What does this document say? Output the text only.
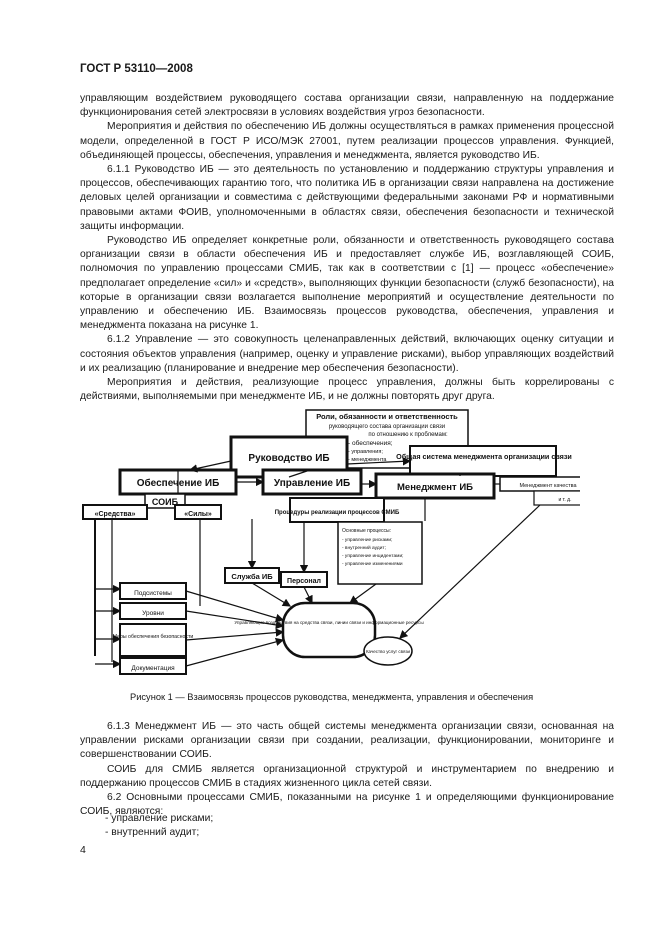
ГОСТ Р 53110—2008

управляющим воздействием руководящего состава организации связи, направленную на поддержание функционирования сетей электросвязи в условиях воздействия угроз безопасности.

Мероприятия и действия по обеспечению ИБ должны осуществляться в рамках применения процессной модели, определенной в ГОСТ Р ИСО/МЭК 27001, путем реализации процессов управления. Функцией, объединяющей процессы, обеспечения, управления и менеджмента, является руководство ИБ.

6.1.1 Руководство ИБ — это деятельность по установлению и поддержанию структуры управления и процессов, обеспечивающих гарантию того, что политика ИБ в организации связи направлена на достижение деловых целей организации и совместима с действующими федеральными законами РФ и нормативными правовыми актами ФОИВ, уполномоченными в областях связи, обеспечения безопасности и технической защиты информации.

Руководство ИБ определяет конкретные роли, обязанности и ответственность руководящего состава организации связи в области обеспечения ИБ и предоставляет службе ИБ, возглавляющей СОИБ, полномочия по управлению процессами СМИБ, так как в соответствии с [1] — процесс «обеспечение» предполагает определение «сил» и «средств», выполняющих функции безопасности (служб безопасности), на которые в организации связи возлагается выполнение мероприятий и осуществление деятельности по управлению и обеспечению ИБ. Взаимосвязь процессов руководства, обеспечения, управления и менеджмента показана на рисунке 1.

6.1.2 Управление — это совокупность целенаправленных действий, включающих оценку ситуации и состояния объектов управления (например, оценку и управление рисками), выбор управляющих воздействий и их реализацию (планирование и внедрение мер обеспечения безопасности).

Мероприятия и действия, реализующие процесс управления, должны быть коррелированы с действиями, выполняемыми при менеджменте ИБ, и не должны повторять друг друга.

Роли, обязанности и ответственность
руководящего состава организации связи
по отношению к проблемам:
- обеспечения;
- управления;
- менеджмента
Руководство ИБ	Общая система менеджмента организации связи
Обеспечение ИБ	Управление ИБ	Менеджмент ИБ	Менеджмент качества
и т. д.
СОИБ
«Средства»	«Силы»	Процедуры реализации процессов СМИБ
Основные процессы:
- управление рисками;
- внутренний аудит;
- управление инцидентами;
- управление изменениями
Служба ИБ
Персонал
Подсистемы
Уровни
Меры обеспечения безопасности
Документация
Управляющие воздействия на средства связи, линии связи и информационные ресурсы
Качество услуг связи
Рисунок 1 — Взаимосвязь процессов руководства, менеджмента, управления и обеспечения

6.1.3 Менеджмент ИБ — это часть общей системы менеджмента организации связи, основанная на управлении рисками организации связи при создании, реализации, функционировании, мониторинге и совершенствовании СОИБ.

СОИБ для СМИБ является организационной структурой и инструментарием по внедрению и поддержанию процессов СМИБ в стадиях жизненного цикла сетей связи.

6.2 Основными процессами СМИБ, показанными на рисунке 1 и определяющими функционирование СОИБ, являются:

- управление рисками;
- внутренний аудит;
4
